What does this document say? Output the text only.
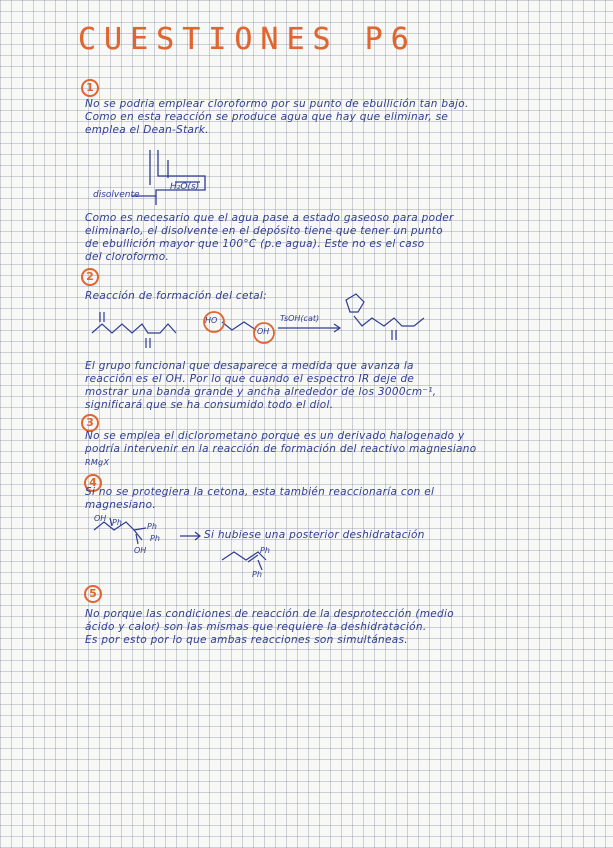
CUESTIONES P6
1

No se podria emplear cloroformo por su punto de ebullición tan bajo.

Como en esta reacción se produce agua que hay que eliminar, se

emplea el Dean-Stark.

disolvente
H₂O(s)

Como es necesario que el agua pase a estado gaseoso para poder

eliminarlo, el disolvente en el depósito tiene que tener un punto

de ebullición mayor que 100°C (p.e agua). Este no es el caso

del cloroformo.

2

Reacción de formación del cetal:

HO
OH
TsOH(cat)

El grupo funcional que desaparece a medida que avanza la

reacción es el OH. Por lo que cuando el espectro IR deje de

mostrar una banda grande y ancha alrededor de los 3000cm⁻¹,

significará que se ha consumido todo el diol.

3

No se emplea el diclorometano porque es un derivado halogenado y

podría intervenir en la reacción de formación del reactivo magnesiano

RMgX

4

Si no se protegiera la cetona, esta también reaccionaría con el

magnesiano.

OH Ph	Ph
Ph
OH

Si hubiese una posterior deshidratación

Ph
Ph
5

No porque las condiciones de reacción de la desprotección (medio

ácido y calor) son las mismas que requiere la deshidratación.

Es por esto por lo que ambas reacciones son simultáneas.
